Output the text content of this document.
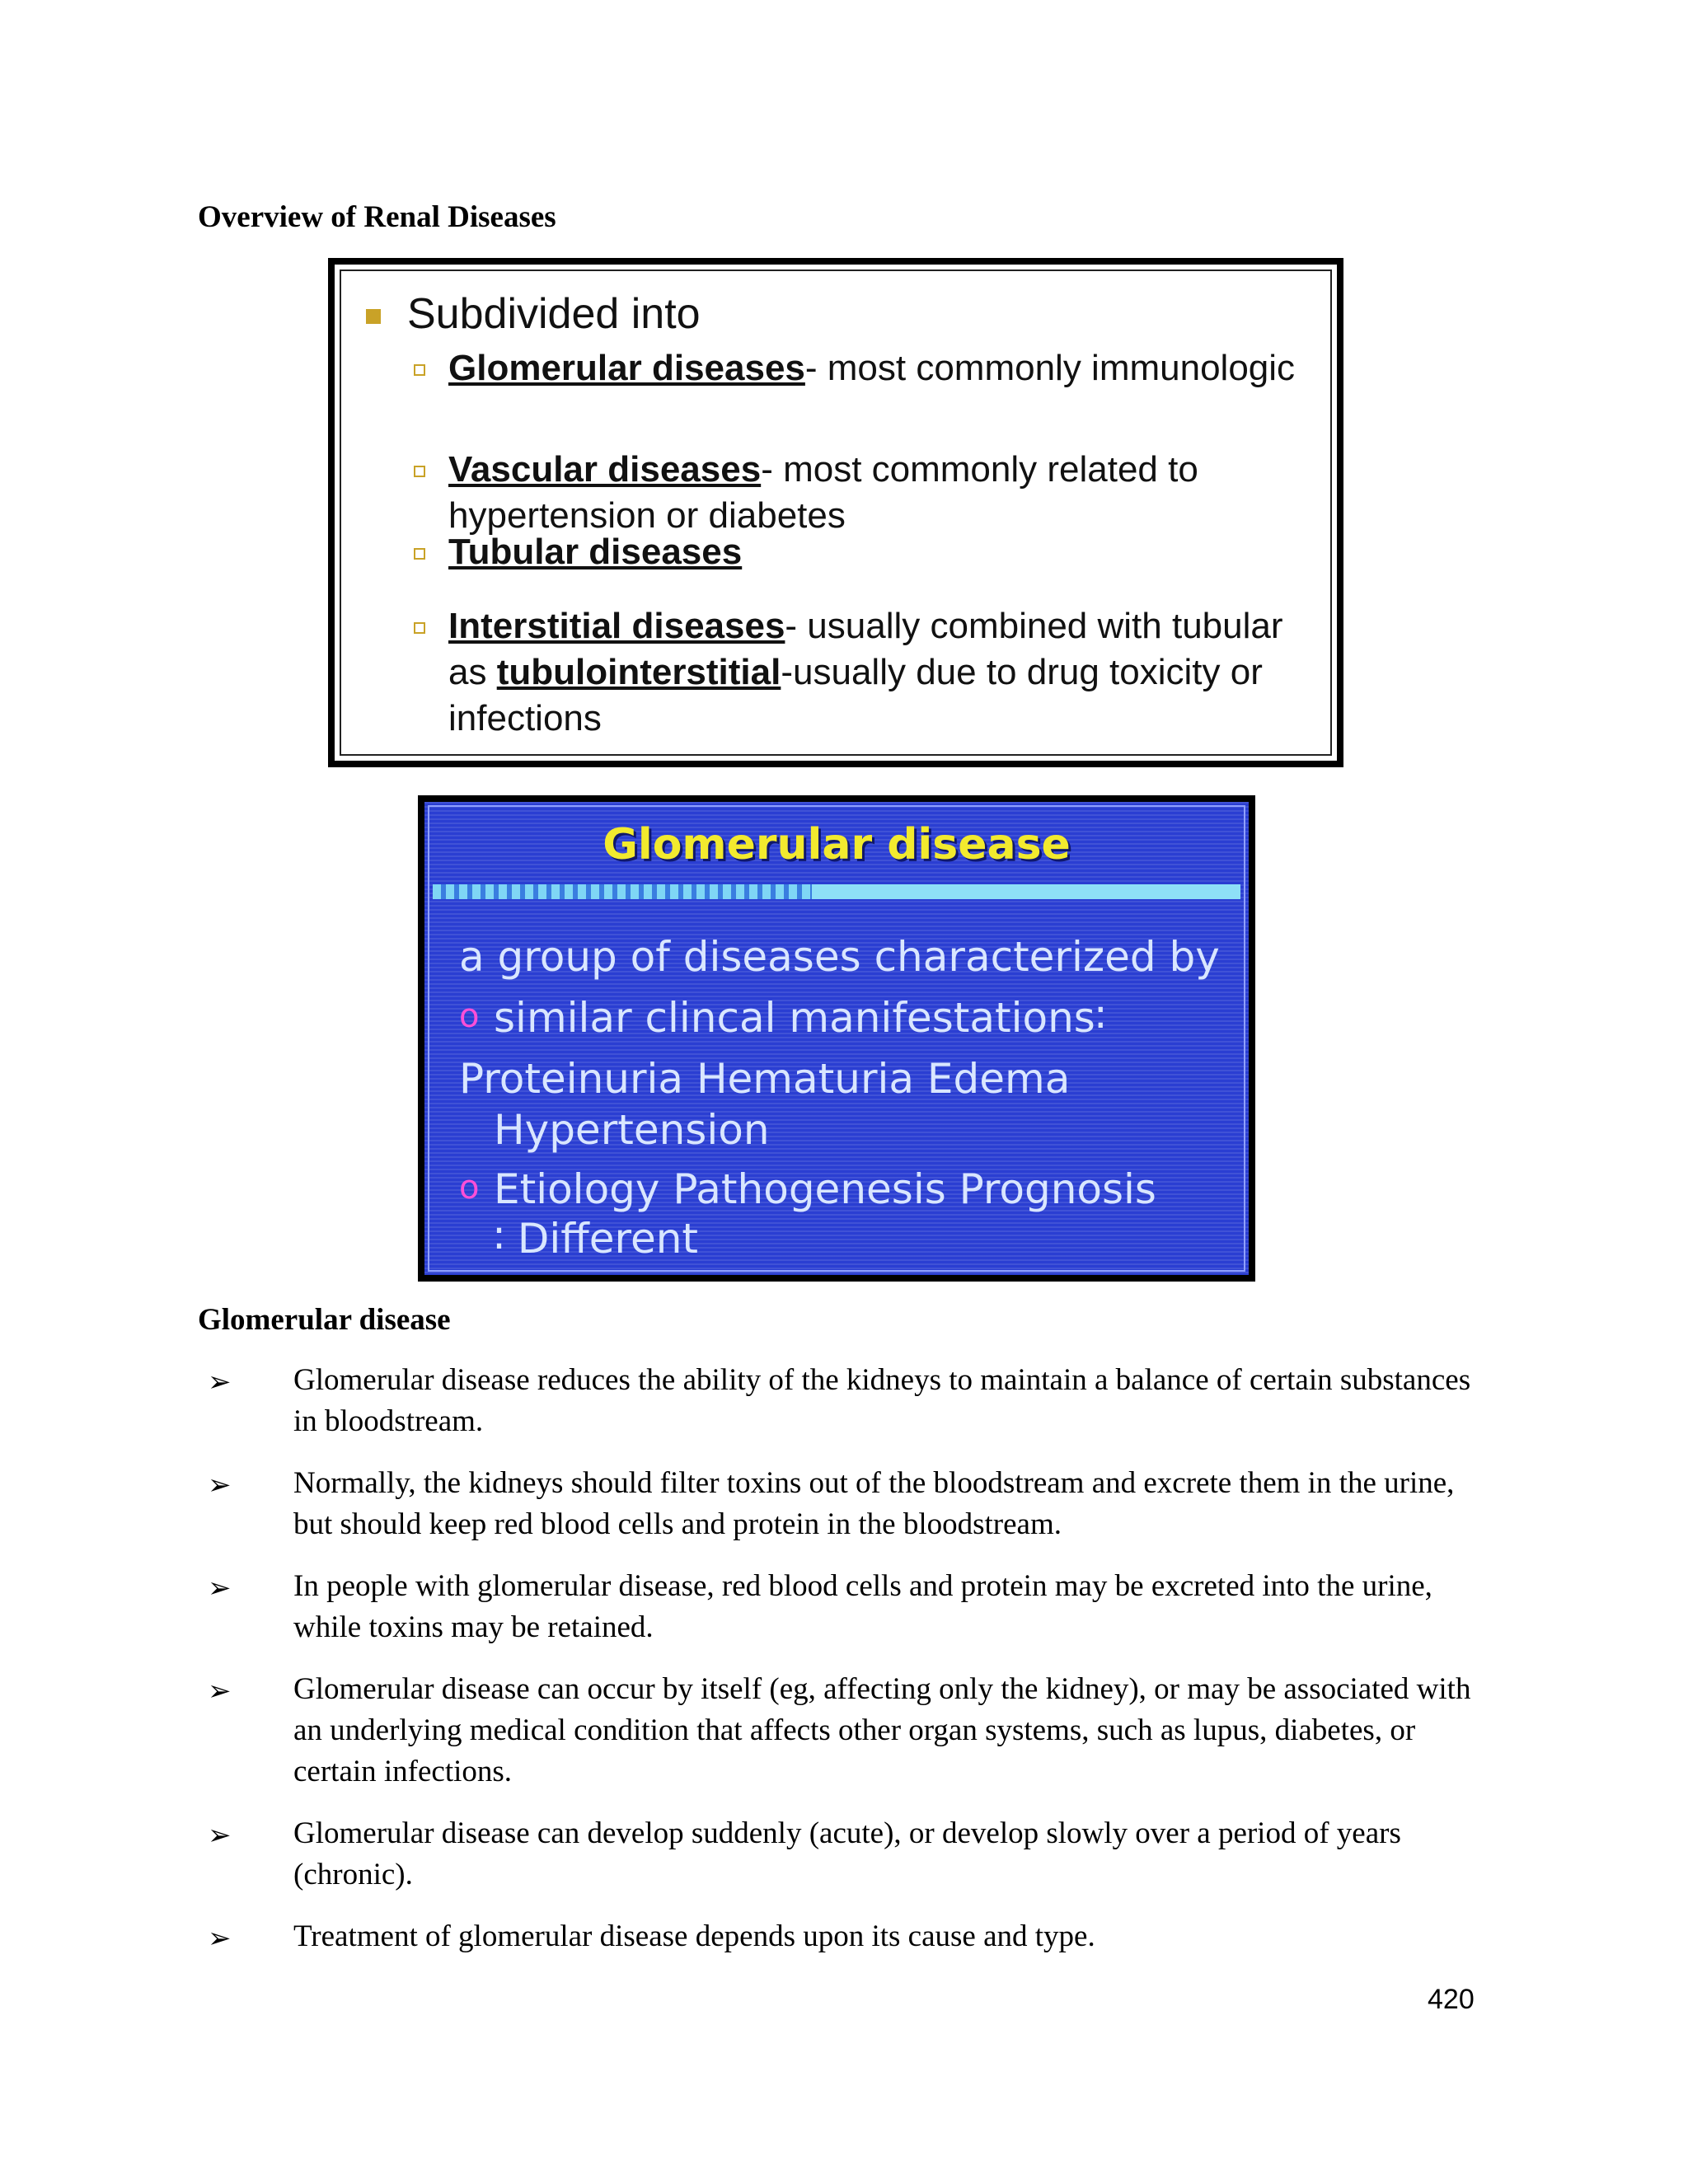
Overview of Renal Diseases
Subdivided into
Glomerular diseases- most commonly immunologic
Vascular diseases- most commonly related to hypertension or diabetes
Tubular diseases
Interstitial diseases- usually combined with tubular as tubulointerstitial-usually due to drug toxicity or infections
Glomerular disease
a group of diseases characterized by
o similar clincal manifestations∶
Proteinuria Hematuria Edema
Hypertension
o Etiology Pathogenesis Prognosis
∶ Different
Glomerular disease
➢ Glomerular disease reduces the ability of the kidneys to maintain a balance of certain substances in bloodstream.
➢ Normally, the kidneys should filter toxins out of the bloodstream and excrete them in the urine, but should keep red blood cells and protein in the bloodstream.
➢ In people with glomerular disease, red blood cells and protein may be excreted into the urine, while toxins may be retained.
➢ Glomerular disease can occur by itself (eg, affecting only the kidney), or may be associated with an underlying medical condition that affects other organ systems, such as lupus, diabetes, or certain infections.
➢ Glomerular disease can develop suddenly (acute), or develop slowly over a period of years (chronic).
➢ Treatment of glomerular disease depends upon its cause and type.
420
